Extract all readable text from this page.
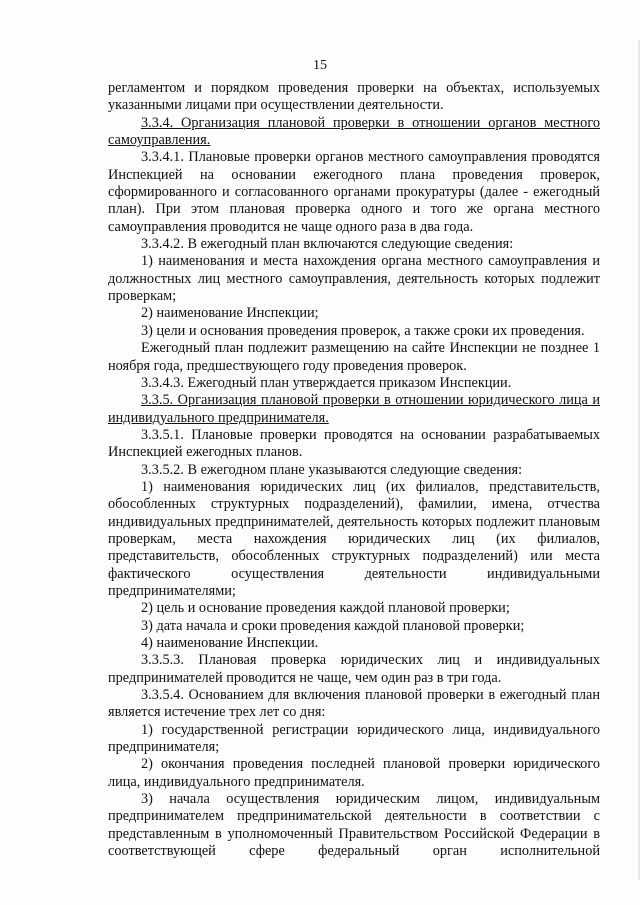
15

регламентом и порядком проведения проверки на объектах, используемых указанными лицами при осуществлении деятельности.

3.3.4. Организация плановой проверки в отношении органов местного самоуправления.

3.3.4.1. Плановые проверки органов местного самоуправления проводятся Инспекцией на основании ежегодного плана проведения проверок, сформированного и согласованного органами прокуратуры (далее - ежегодный план). При этом плановая проверка одного и того же органа местного самоуправления проводится не чаще одного раза в два года.

3.3.4.2. В ежегодный план включаются следующие сведения:

1) наименования и места нахождения органа местного самоуправления и должностных лиц местного самоуправления, деятельность которых подлежит проверкам;

2) наименование Инспекции;

3) цели и основания проведения проверок, а также сроки их проведения.

Ежегодный план подлежит размещению на сайте Инспекции не позднее 1 ноября года, предшествующего году проведения проверок.

3.3.4.3. Ежегодный план утверждается приказом Инспекции.

3.3.5. Организация плановой проверки в отношении юридического лица и индивидуального предпринимателя.

3.3.5.1. Плановые проверки проводятся на основании разрабатываемых Инспекцией ежегодных планов.

3.3.5.2. В ежегодном плане указываются следующие сведения:

1) наименования юридических лиц (их филиалов, представительств, обособленных структурных подразделений), фамилии, имена, отчества индивидуальных предпринимателей, деятельность которых подлежит плановым проверкам, места нахождения юридических лиц (их филиалов, представительств, обособленных структурных подразделений) или места фактического осуществления деятельности индивидуальными предпринимателями;

2) цель и основание проведения каждой плановой проверки;

3) дата начала и сроки проведения каждой плановой проверки;

4) наименование Инспекции.

3.3.5.3. Плановая проверка юридических лиц и индивидуальных предпринимателей проводится не чаще, чем один раз в три года.

3.3.5.4. Основанием для включения плановой проверки в ежегодный план является истечение трех лет со дня:

1) государственной регистрации юридического лица, индивидуального предпринимателя;

2) окончания проведения последней плановой проверки юридического лица, индивидуального предпринимателя.

3) начала осуществления юридическим лицом, индивидуальным предпринимателем предпринимательской деятельности в соответствии с представленным в уполномоченный Правительством Российской Федерации в соответствующей сфере федеральный орган исполнительной
